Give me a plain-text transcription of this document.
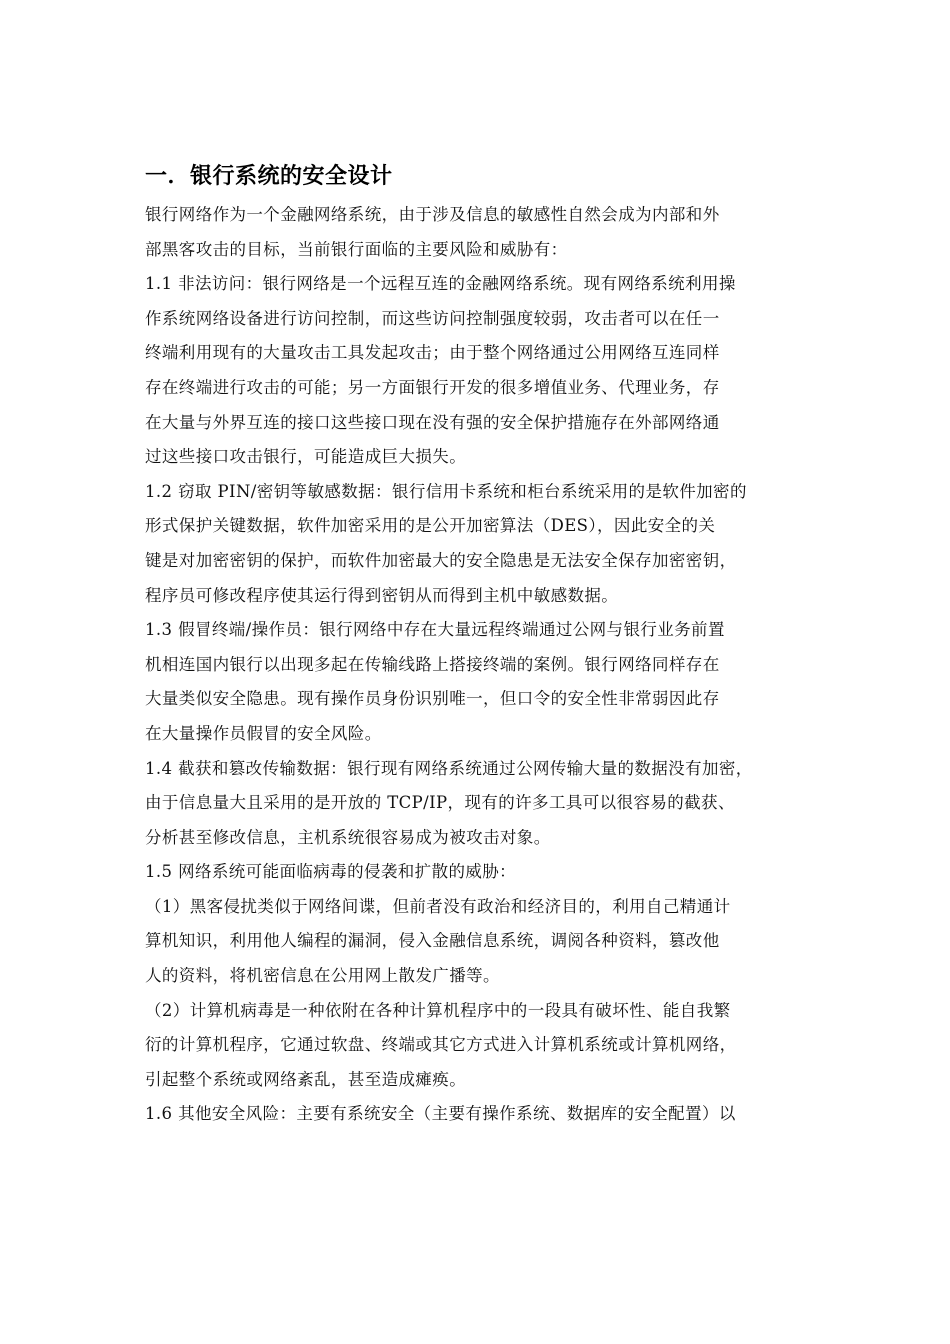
一．银行系统的安全设计
银行网络作为一个金融网络系统，由于涉及信息的敏感性自然会成为内部和外
部黑客攻击的目标，当前银行面临的主要风险和威胁有：
1.1 非法访问：银行网络是一个远程互连的金融网络系统。现有网络系统利用操
作系统网络设备进行访问控制，而这些访问控制强度较弱，攻击者可以在任一
终端利用现有的大量攻击工具发起攻击；由于整个网络通过公用网络互连同样
存在终端进行攻击的可能；另一方面银行开发的很多增值业务、代理业务，存
在大量与外界互连的接口这些接口现在没有强的安全保护措施存在外部网络通
过这些接口攻击银行，可能造成巨大损失。
1.2 窃取 PIN/密钥等敏感数据：银行信用卡系统和柜台系统采用的是软件加密的
形式保护关键数据，软件加密采用的是公开加密算法（DES），因此安全的关
键是对加密密钥的保护，而软件加密最大的安全隐患是无法安全保存加密密钥，
程序员可修改程序使其运行得到密钥从而得到主机中敏感数据。
1.3 假冒终端/操作员：银行网络中存在大量远程终端通过公网与银行业务前置
机相连国内银行以出现多起在传输线路上搭接终端的案例。银行网络同样存在
大量类似安全隐患。现有操作员身份识别唯一，但口令的安全性非常弱因此存
在大量操作员假冒的安全风险。
1.4 截获和篡改传输数据：银行现有网络系统通过公网传输大量的数据没有加密，
由于信息量大且采用的是开放的 TCP/IP，现有的许多工具可以很容易的截获、
分析甚至修改信息，主机系统很容易成为被攻击对象。
1.5 网络系统可能面临病毒的侵袭和扩散的威胁：
（1）黑客侵扰类似于网络间谍，但前者没有政治和经济目的，利用自己精通计
算机知识，利用他人编程的漏洞，侵入金融信息系统，调阅各种资料，篡改他
人的资料，将机密信息在公用网上散发广播等。
（2）计算机病毒是一种依附在各种计算机程序中的一段具有破坏性、能自我繁
衍的计算机程序，它通过软盘、终端或其它方式进入计算机系统或计算机网络，
引起整个系统或网络紊乱，甚至造成瘫痪。
1.6 其他安全风险：主要有系统安全（主要有操作系统、数据库的安全配置）以
